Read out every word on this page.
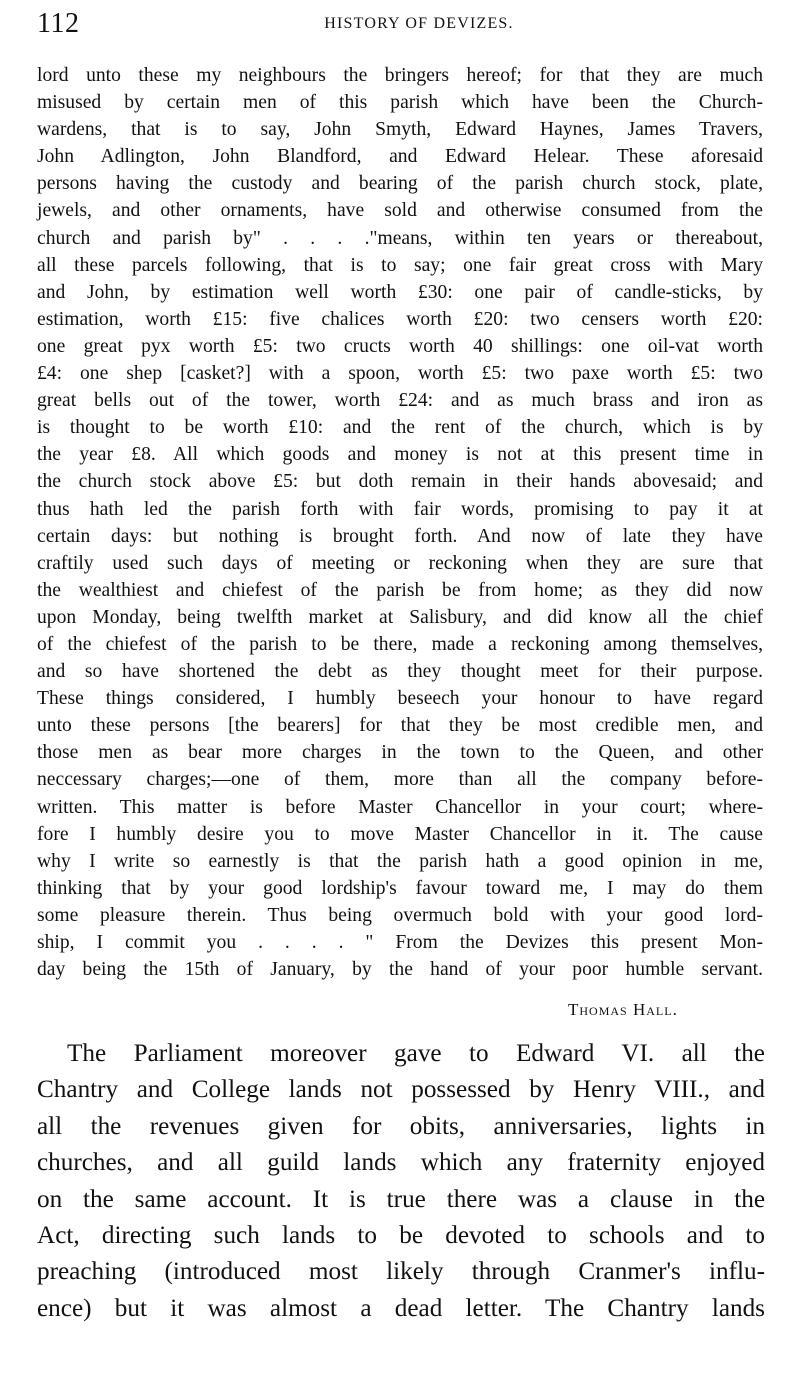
112	HISTORY OF DEVIZES.
lord unto these my neighbours the bringers hereof; for that they are much
misused by certain men of this parish which have been the Church-
wardens, that is to say, John Smyth, Edward Haynes, James Travers,
John Adlington, John Blandford, and Edward Helear. These aforesaid
persons having the custody and bearing of the parish church stock, plate,
jewels, and other ornaments, have sold and otherwise consumed from the
church and parish by" . . . ."means, within ten years or thereabout,
all these parcels following, that is to say; one fair great cross with Mary
and John, by estimation well worth £30: one pair of candle-sticks, by
estimation, worth £15: five chalices worth £20: two censers worth £20:
one great pyx worth £5: two cructs worth 40 shillings: one oil-vat worth
£4: one shep [casket?] with a spoon, worth £5: two paxe worth £5: two
great bells out of the tower, worth £24: and as much brass and iron as
is thought to be worth £10: and the rent of the church, which is by
the year £8. All which goods and money is not at this present time in
the church stock above £5: but doth remain in their hands abovesaid; and
thus hath led the parish forth with fair words, promising to pay it at
certain days: but nothing is brought forth. And now of late they have
craftily used such days of meeting or reckoning when they are sure that
the wealthiest and chiefest of the parish be from home; as they did now
upon Monday, being twelfth market at Salisbury, and did know all the chief
of the chiefest of the parish to be there, made a reckoning among themselves,
and so have shortened the debt as they thought meet for their purpose.
These things considered, I humbly beseech your honour to have regard
unto these persons [the bearers] for that they be most credible men, and
those men as bear more charges in the town to the Queen, and other
neccessary charges;—one of them, more than all the company before-
written. This matter is before Master Chancellor in your court; where-
fore I humbly desire you to move Master Chancellor in it. The cause
why I write so earnestly is that the parish hath a good opinion in me,
thinking that by your good lordship's favour toward me, I may do them
some pleasure therein. Thus being overmuch bold with your good lord-
ship, I commit you . . . . " From the Devizes this present Mon-
day being the 15th of January, by the hand of your poor humble servant.
Thomas Hall.
The Parliament moreover gave to Edward VI. all the
Chantry and College lands not possessed by Henry VIII., and
all the revenues given for obits, anniversaries, lights in
churches, and all guild lands which any fraternity enjoyed
on the same account. It is true there was a clause in the
Act, directing such lands to be devoted to schools and to
preaching (introduced most likely through Cranmer's influ-
ence) but it was almost a dead letter. The Chantry lands
